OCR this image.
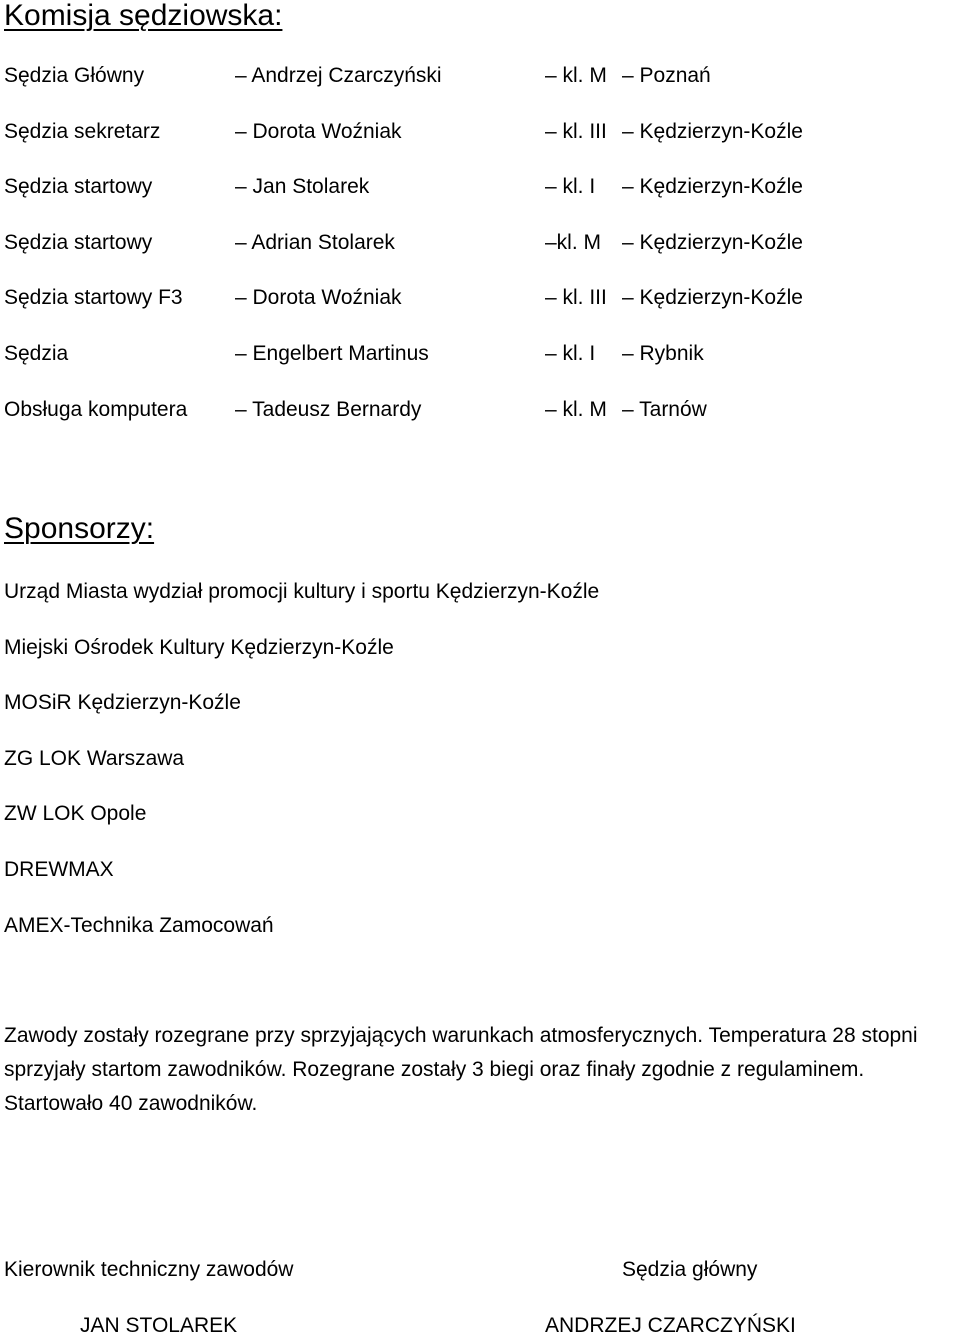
Komisja sędziowska:
Sędzia Główny	– Andrzej Czarczyński	– kl. M – Poznań
Sędzia sekretarz	– Dorota Woźniak	– kl. III – Kędzierzyn-Koźle
Sędzia startowy	– Jan Stolarek	– kl. I – Kędzierzyn-Koźle
Sędzia startowy	– Adrian Stolarek	–kl. M – Kędzierzyn-Koźle
Sędzia startowy F3 – Dorota Woźniak	– kl. III – Kędzierzyn-Koźle
Sędzia	– Engelbert Martinus	– kl. I – Rybnik
Obsługa komputera – Tadeusz Bernardy	– kl. M – Tarnów
Sponsorzy:
Urząd Miasta wydział promocji kultury i sportu Kędzierzyn-Koźle
Miejski Ośrodek Kultury Kędzierzyn-Koźle
MOSiR Kędzierzyn-Koźle
ZG LOK Warszawa
ZW LOK Opole
DREWMAX
AMEX-Technika Zamocowań

Zawody zostały rozegrane przy sprzyjających warunkach atmosferycznych. Temperatura 28 stopni
sprzyjały startom zawodników. Rozegrane zostały 3 biegi oraz finały zgodnie z regulaminem.
Startowało 40 zawodników.

Kierownik techniczny zawodów	Sędzia główny
JAN STOLAREK	ANDRZEJ CZARCZYŃSKI
